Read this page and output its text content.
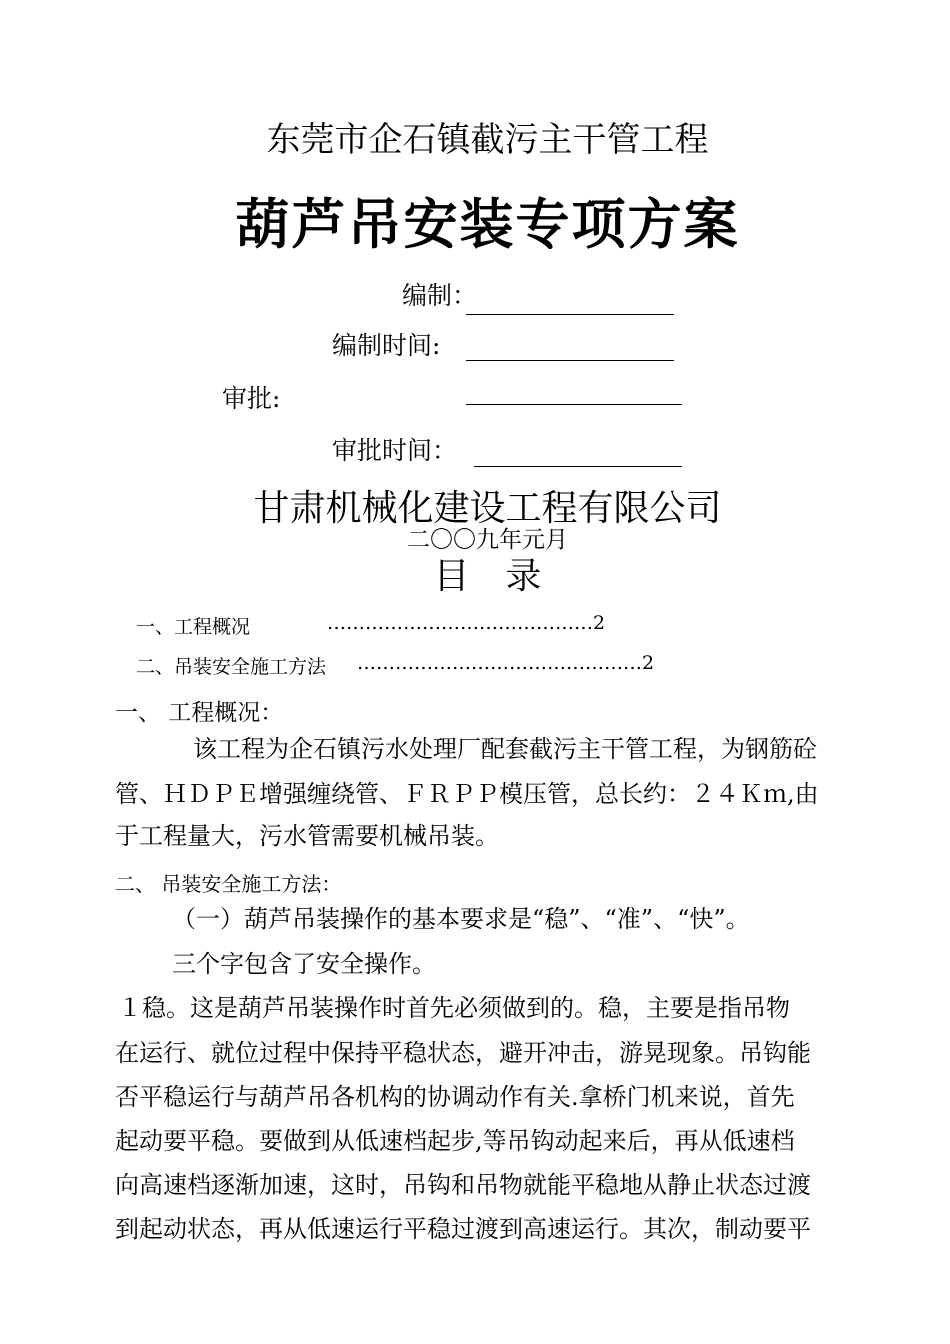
东莞市企石镇截污主干管工程
葫芦吊安装专项方案
编制：
编制时间:
审批:
审批时间：
甘肃机械化建设工程有限公司
二〇〇九年元月
目　录
一、工程概况	……………………………………2
二、吊装安全施工方法 ………………………………………2
一、 工程概况：
该工程为企石镇污水处理厂配套截污主干管工程，为钢筋砼
管、ＨＤＰＥ增强缠绕管、ＦＲＰＰ模压管，总长约：２４Ｋｍ,由
于工程量大，污水管需要机械吊装。
二、 吊装安全施工方法：
（一）葫芦吊装操作的基本要求是“稳”、“准”、“快”。
三个字包含了安全操作。
１稳。这是葫芦吊装操作时首先必须做到的。稳，主要是指吊物
在运行、就位过程中保持平稳状态，避开冲击，游晃现象。吊钩能
否平稳运行与葫芦吊各机构的协调动作有关.拿桥门机来说，首先
起动要平稳。要做到从低速档起步,等吊钩动起来后，再从低速档
向高速档逐渐加速，这时，吊钩和吊物就能平稳地从静止状态过渡
到起动状态，再从低速运行平稳过渡到高速运行。其次，制动要平
